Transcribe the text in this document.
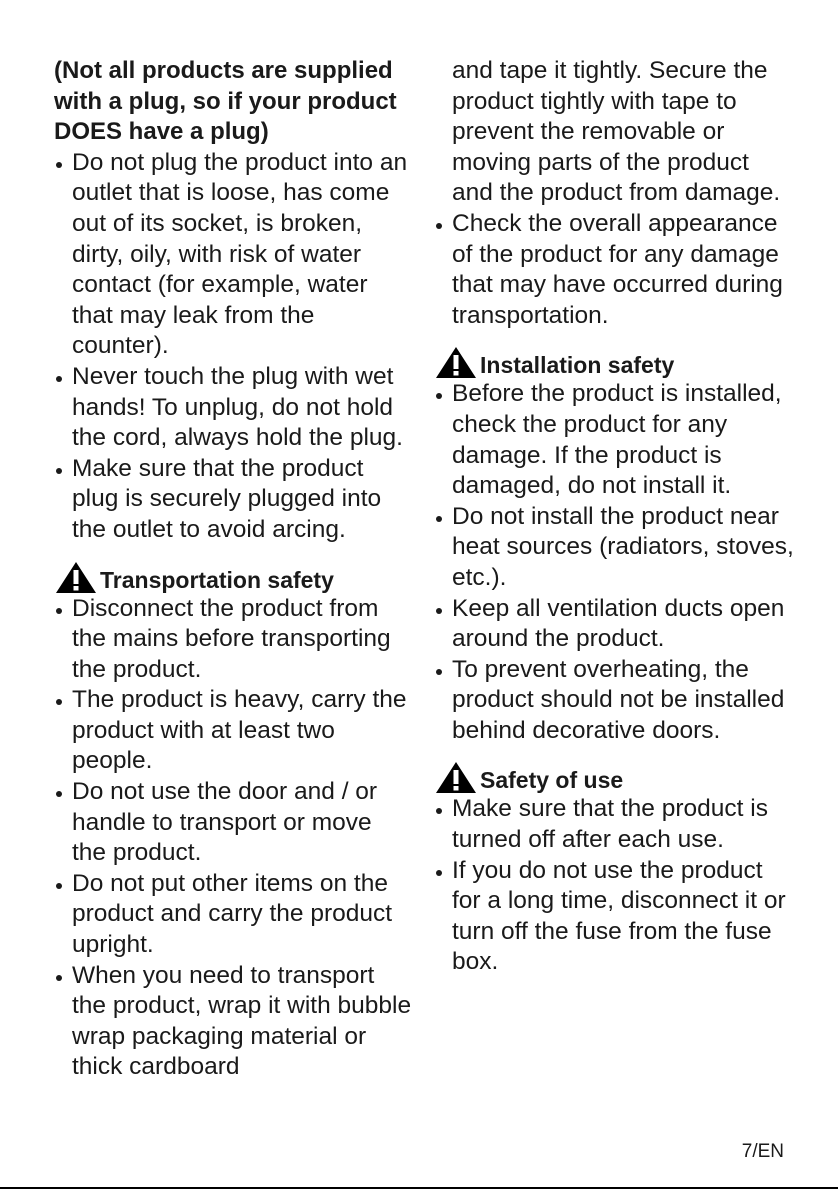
(Not all products are supplied with a plug, so if your product DOES have a plug)

Do not plug the product into an outlet that is loose, has come out of its socket, is broken, dirty, oily, with risk of water contact (for example, water that may leak from the counter).
Never touch the plug with wet hands! To unplug, do not hold the cord, always hold the plug.
Make sure that the product plug is securely plugged into the outlet to avoid arcing.
Transportation safety
Disconnect the product from the mains before transporting the product.
The product is heavy, carry the product with at least two people.
Do not use the door and / or handle to transport or move the product.
Do not put other items on the product and carry the product upright.
When you need to transport the product, wrap it with bubble wrap packaging material or thick cardboard

and tape it tightly. Secure the product tightly with tape to prevent the removable or moving parts of the product and the product from damage.

Check the overall appearance of the product for any damage that may have occurred during transportation.
Installation safety
Before the product is installed, check the product for any damage. If the product is damaged, do not install it.
Do not install the product near heat sources (radiators, stoves, etc.).
Keep all ventilation ducts open around the product.
To prevent overheating, the product should not be installed behind decorative doors.
Safety of use
Make sure that the product is turned off after each use.
If you do not use the product for a long time, disconnect it or turn off the fuse from the fuse box.
7/EN
